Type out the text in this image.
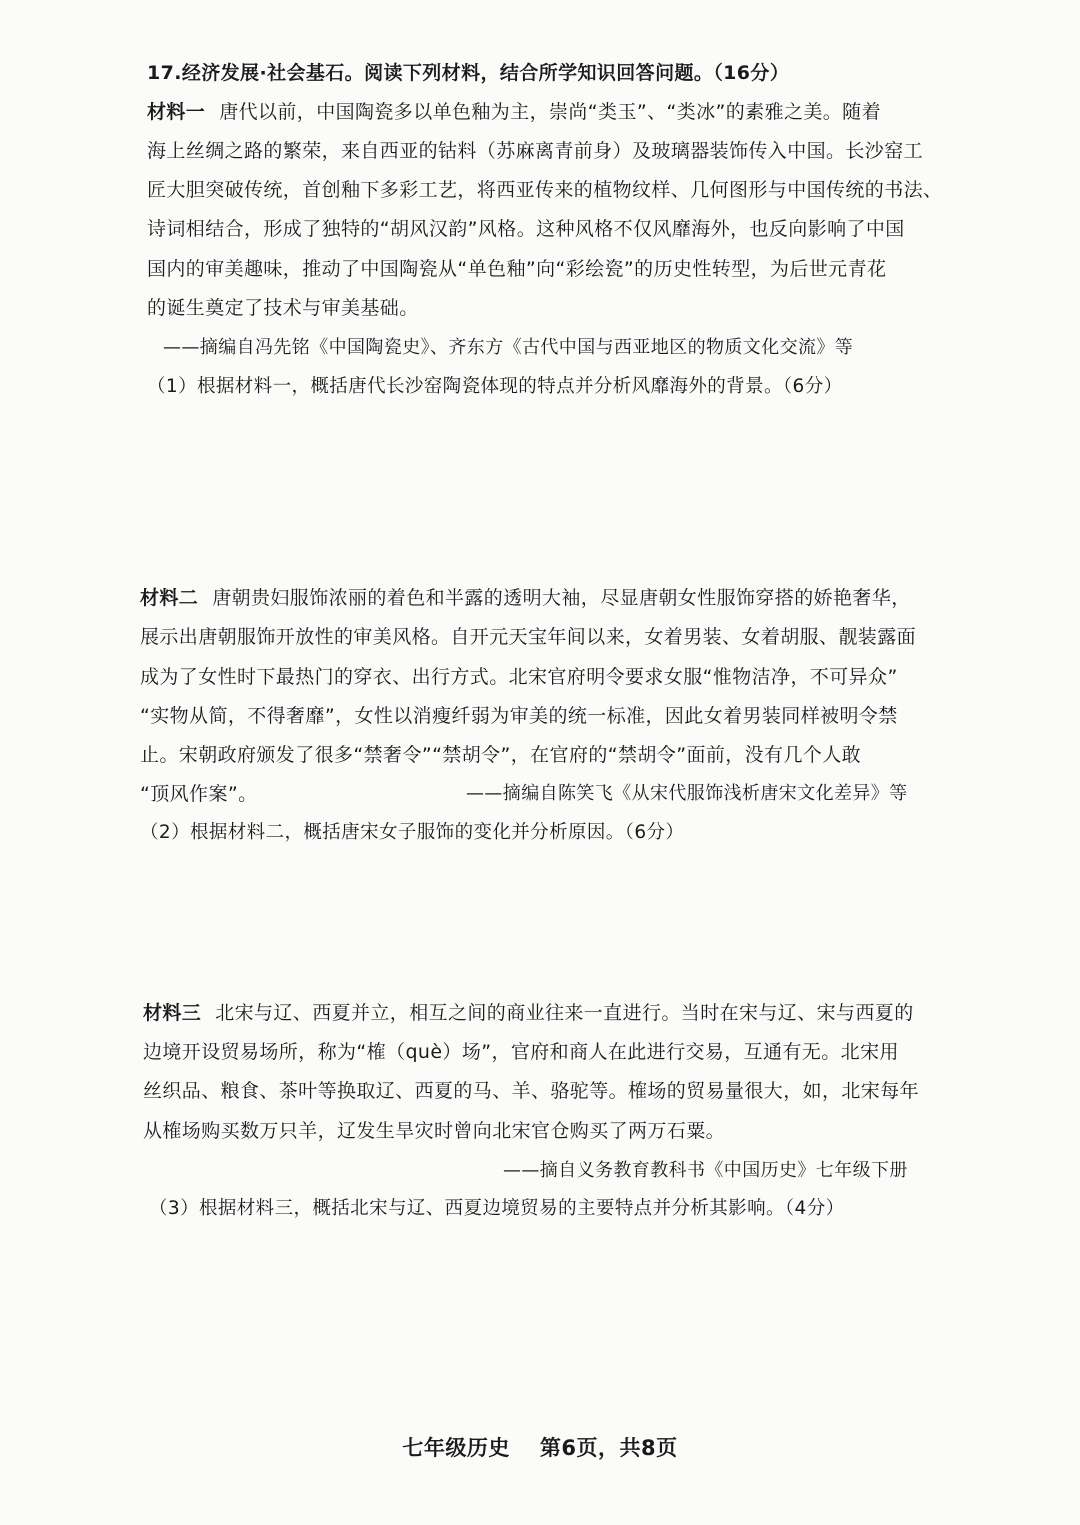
17.经济发展·社会基石。阅读下列材料，结合所学知识回答问题。（16分）
材料一 唐代以前，中国陶瓷多以单色釉为主，崇尚“类玉”、“类冰”的素雅之美。随着
海上丝绸之路的繁荣，来自西亚的钴料（苏麻离青前身）及玻璃器装饰传入中国。长沙窑工
匠大胆突破传统，首创釉下多彩工艺，将西亚传来的植物纹样、几何图形与中国传统的书法、
诗词相结合，形成了独特的“胡风汉韵”风格。这种风格不仅风靡海外，也反向影响了中国
国内的审美趣味，推动了中国陶瓷从“单色釉”向“彩绘瓷”的历史性转型，为后世元青花
的诞生奠定了技术与审美基础。
——摘编自冯先铭《中国陶瓷史》、齐东方《古代中国与西亚地区的物质文化交流》等
（1）根据材料一，概括唐代长沙窑陶瓷体现的特点并分析风靡海外的背景。（6分）
材料二 唐朝贵妇服饰浓丽的着色和半露的透明大袖，尽显唐朝女性服饰穿搭的娇艳奢华，
展示出唐朝服饰开放性的审美风格。自开元天宝年间以来，女着男装、女着胡服、靓装露面
成为了女性时下最热门的穿衣、出行方式。北宋官府明令要求女服“惟物洁净，不可异众”
“实物从简，不得奢靡”，女性以消瘦纤弱为审美的统一标准，因此女着男装同样被明令禁
止。宋朝政府颁发了很多“禁奢令”“禁胡令”，在官府的“禁胡令”面前，没有几个人敢
“顶风作案”。	——摘编自陈笑飞《从宋代服饰浅析唐宋文化差异》等
（2）根据材料二，概括唐宋女子服饰的变化并分析原因。（6分）
材料三 北宋与辽、西夏并立，相互之间的商业往来一直进行。当时在宋与辽、宋与西夏的
边境开设贸易场所，称为“榷（què）场”，官府和商人在此进行交易，互通有无。北宋用
丝织品、粮食、茶叶等换取辽、西夏的马、羊、骆驼等。榷场的贸易量很大，如，北宋每年
从榷场购买数万只羊，辽发生旱灾时曾向北宋官仓购买了两万石粟。
——摘自义务教育教科书《中国历史》七年级下册
（3）根据材料三，概括北宋与辽、西夏边境贸易的主要特点并分析其影响。（4分）
七年级历史 第6页，共8页
